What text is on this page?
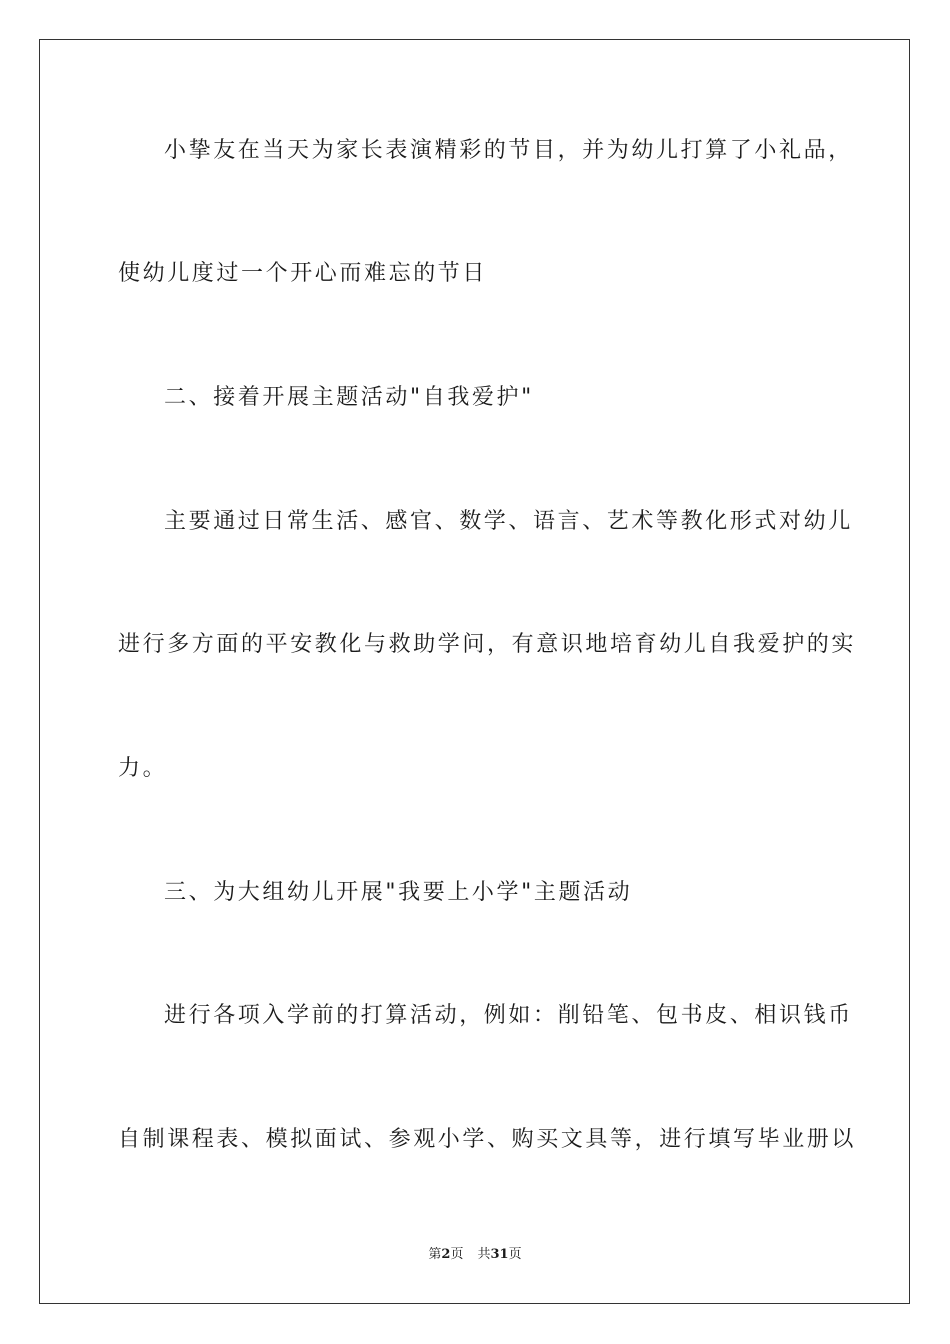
小挚友在当天为家长表演精彩的节目，并为幼儿打算了小礼品，
使幼儿度过一个开心而难忘的节日
二、接着开展主题活动"自我爱护"
主要通过日常生活、感官、数学、语言、艺术等教化形式对幼儿
进行多方面的平安教化与救助学问，有意识地培育幼儿自我爱护的实
力。
三、为大组幼儿开展"我要上小学"主题活动
进行各项入学前的打算活动，例如：削铅笔、包书皮、相识钱币
自制课程表、模拟面试、参观小学、购买文具等，进行填写毕业册以
第2页 共31页
